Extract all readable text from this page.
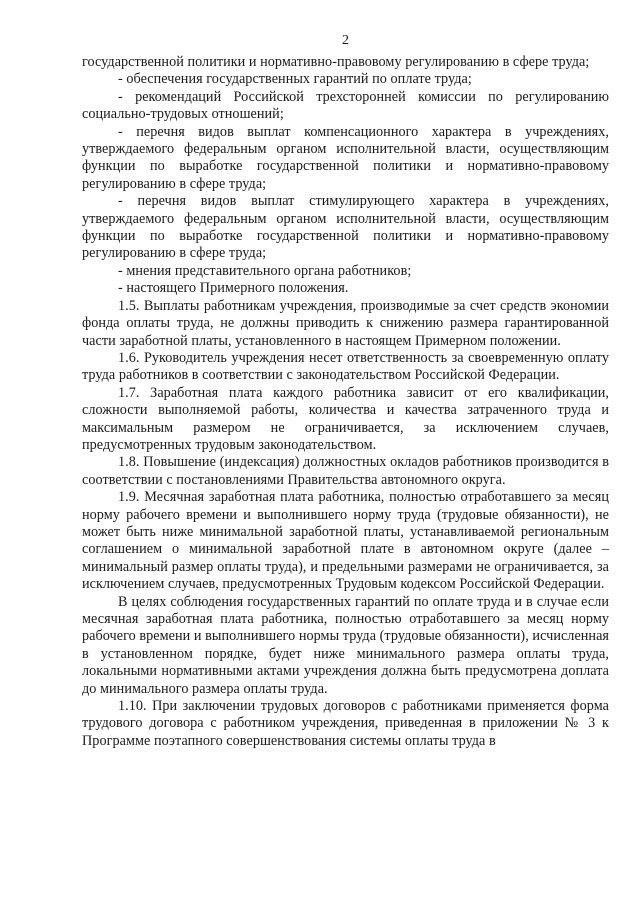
2

государственной политики и нормативно-правовому регулированию в сфере труда;

- обеспечения государственных гарантий по оплате труда;

- рекомендаций Российской трехсторонней комиссии по регулированию социально-трудовых отношений;

- перечня видов выплат компенсационного характера в учреждениях, утверждаемого федеральным органом исполнительной власти, осуществляющим функции по выработке государственной политики и нормативно-правовому регулированию в сфере труда;

- перечня видов выплат стимулирующего характера в учреждениях, утверждаемого федеральным органом исполнительной власти, осуществляющим функции по выработке государственной политики и нормативно-правовому регулированию в сфере труда;

- мнения представительного органа работников;

- настоящего Примерного положения.

1.5. Выплаты работникам учреждения, производимые за счет средств экономии фонда оплаты труда, не должны приводить к снижению размера гарантированной части заработной платы, установленного в настоящем Примерном положении.

1.6. Руководитель учреждения несет ответственность за своевременную оплату труда работников в соответствии с законодательством Российской Федерации.

1.7. Заработная плата каждого работника зависит от его квалификации, сложности выполняемой работы, количества и качества затраченного труда и максимальным размером не ограничивается, за исключением случаев, предусмотренных трудовым законодательством.

1.8. Повышение (индексация) должностных окладов работников производится в соответствии с постановлениями Правительства автономного округа.

1.9. Месячная заработная плата работника, полностью отработавшего за месяц норму рабочего времени и выполнившего норму труда (трудовые обязанности), не может быть ниже минимальной заработной платы, устанавливаемой региональным соглашением о минимальной заработной плате в автономном округе (далее – минимальный размер оплаты труда), и предельными размерами не ограничивается, за исключением случаев, предусмотренных Трудовым кодексом Российской Федерации.

В целях соблюдения государственных гарантий по оплате труда и в случае если месячная заработная плата работника, полностью отработавшего за месяц норму рабочего времени и выполнившего нормы труда (трудовые обязанности), исчисленная в установленном порядке, будет ниже минимального размера оплаты труда, локальными нормативными актами учреждения должна быть предусмотрена доплата до минимального размера оплаты труда.

1.10. При заключении трудовых договоров с работниками применяется форма трудового договора с работником учреждения, приведенная в приложении № 3 к Программе поэтапного совершенствования системы оплаты труда в
